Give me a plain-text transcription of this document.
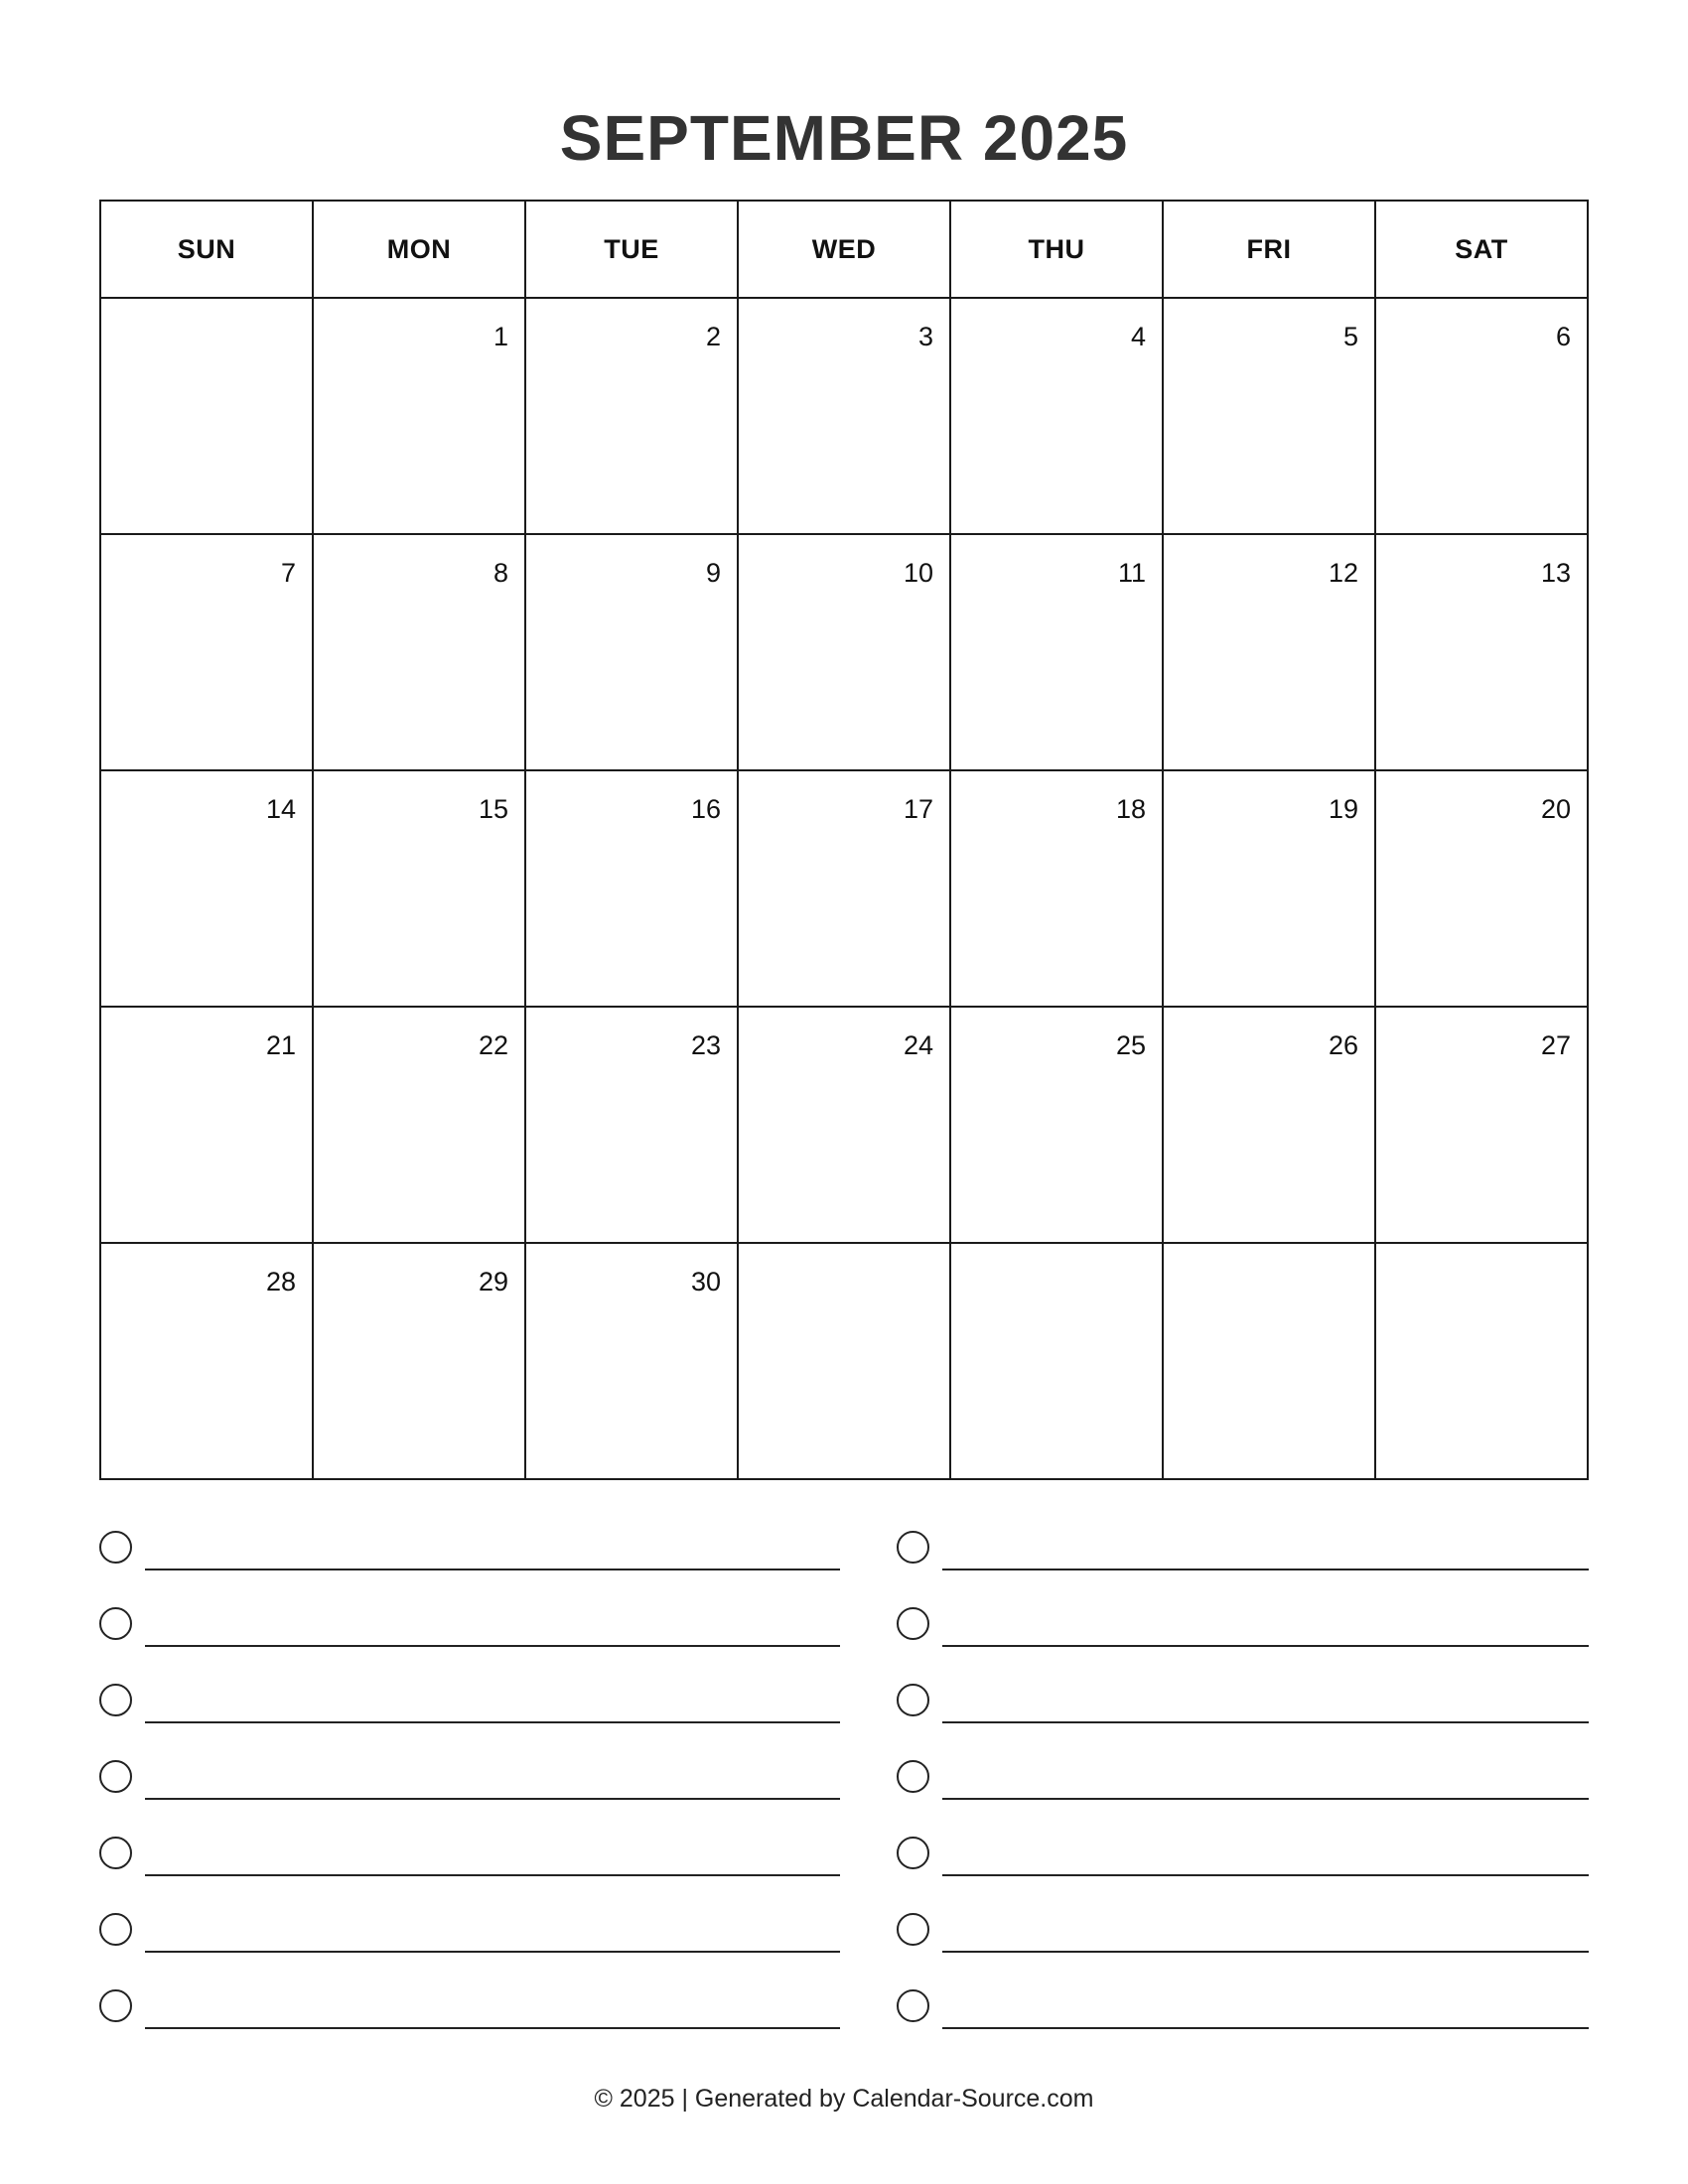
SEPTEMBER 2025
SUN	MON	TUE	WED	THU	FRI	SAT

	1	2	3	4	5	6

7	8	9	10	11	12	13

14	15	16	17	18	19	20

21	22	23	24	25	26	27

28	29	30				

© 2025 | Generated by Calendar-Source.com
